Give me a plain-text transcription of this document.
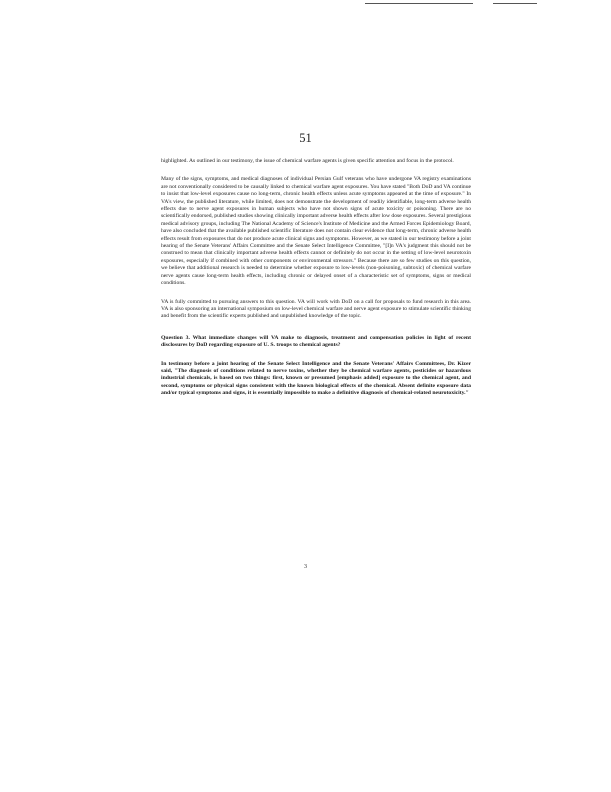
51

highlighted. As outlined in our testimony, the issue of chemical warfare agents is given specific attention and focus in the protocol.

Many of the signs, symptoms, and medical diagnoses of individual Persian Gulf veterans who have undergone VA registry examinations are not conventionally considered to be causally linked to chemical warfare agent exposures. You have stated "Both DoD and VA continue to insist that low-level exposures cause no long-term, chronic health effects unless acute symptoms appeared at the time of exposure." In VA's view, the published literature, while limited, does not demonstrate the development of readily identifiable, long-term adverse health effects due to nerve agent exposures in human subjects who have not shown signs of acute toxicity or poisoning. There are no scientifically endorsed, published studies showing clinically important adverse health effects after low dose exposures. Several prestigious medical advisory groups, including The National Academy of Science's Institute of Medicine and the Armed Forces Epidemiology Board, have also concluded that the available published scientific literature does not contain clear evidence that long-term, chronic adverse health effects result from exposures that do not produce acute clinical signs and symptoms. However, as we stated in our testimony before a joint hearing of the Senate Veterans' Affairs Committee and the Senate Select Intelligence Committee, "[I]n VA's judgment this should not be construed to mean that clinically important adverse health effects cannot or definitely do not occur in the setting of low-level neurotoxin exposures, especially if combined with other components or environmental stressors." Because there are so few studies on this question, we believe that additional research is needed to determine whether exposure to low-levels (non-poisoning, subtoxic) of chemical warfare nerve agents cause long-term health effects, including chronic or delayed onset of a characteristic set of symptoms, signs or medical conditions.

VA is fully committed to pursuing answers to this question. VA will work with DoD on a call for proposals to fund research in this area. VA is also sponsoring an international symposium on low-level chemical warfare and nerve agent exposure to stimulate scientific thinking and benefit from the scientific experts published and unpublished knowledge of the topic.

Question 3. What immediate changes will VA make to diagnosis, treatment and compensation policies in light of recent disclosures by DoD regarding exposure of U. S. troops to chemical agents?

In testimony before a joint hearing of the Senate Select Intelligence and the Senate Veterans' Affairs Committees, Dr. Kizer said, "The diagnosis of conditions related to nerve toxins, whether they be chemical warfare agents, pesticides or hazardous industrial chemicals, is based on two things: first, known or presumed [emphasis added] exposure to the chemical agent, and second, symptoms or physical signs consistent with the known biological effects of the chemical. Absent definite exposure data and/or typical symptoms and signs, it is essentially impossible to make a definitive diagnosis of chemical-related neurotoxicity."

3
